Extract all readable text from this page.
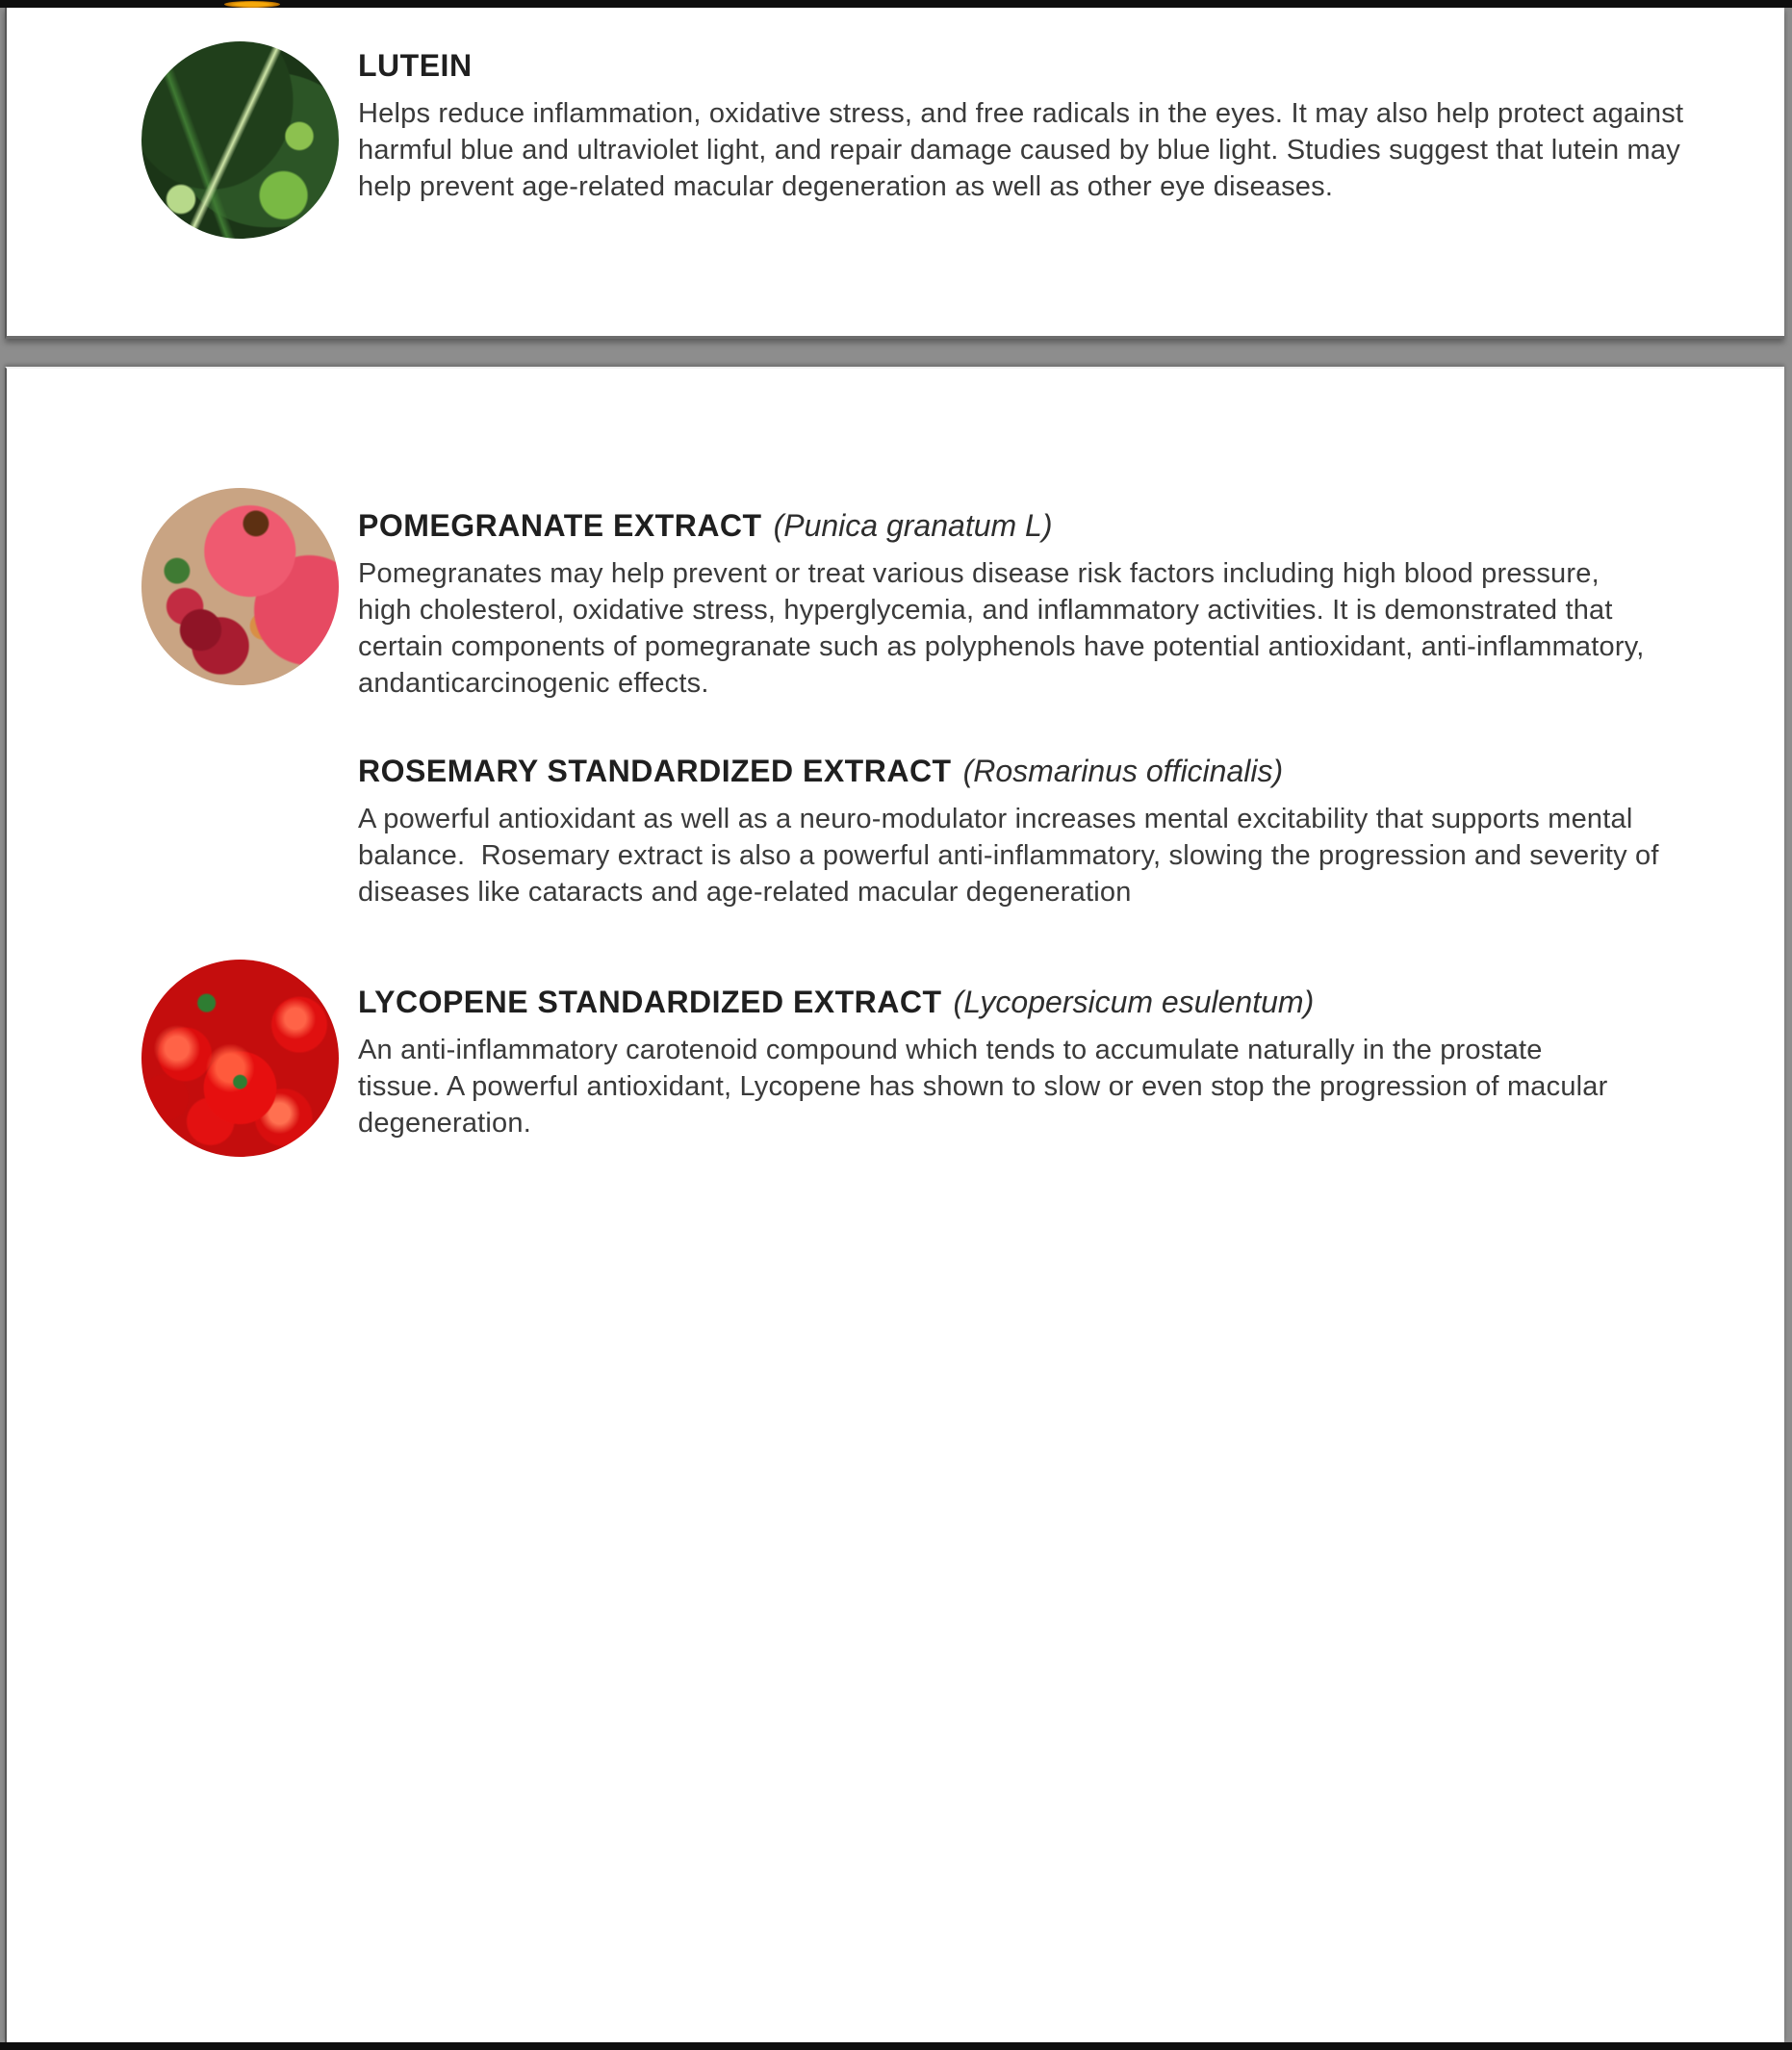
LUTEIN
Helps reduce inflammation, oxidative stress, and free radicals in the eyes. It may also help protect against
harmful blue and ultraviolet light, and repair damage caused by blue light. Studies suggest that lutein may
help prevent age-related macular degeneration as well as other eye diseases.
POMEGRANATE EXTRACT (Punica granatum L)
Pomegranates may help prevent or treat various disease risk factors including high blood pressure,
high cholesterol, oxidative stress, hyperglycemia, and inflammatory activities. It is demonstrated that
certain components of pomegranate such as polyphenols have potential antioxidant, anti-inflammatory,
andanticarcinogenic effects.
ROSEMARY STANDARDIZED EXTRACT (Rosmarinus officinalis)
A powerful antioxidant as well as a neuro-modulator increases mental excitability that supports mental
balance.  Rosemary extract is also a powerful anti-inflammatory, slowing the progression and severity of
diseases like cataracts and age-related macular degeneration
LYCOPENE STANDARDIZED EXTRACT (Lycopersicum esulentum)
An anti-inflammatory carotenoid compound which tends to accumulate naturally in the prostate
tissue. A powerful antioxidant, Lycopene has shown to slow or even stop the progression of macular
degeneration.
